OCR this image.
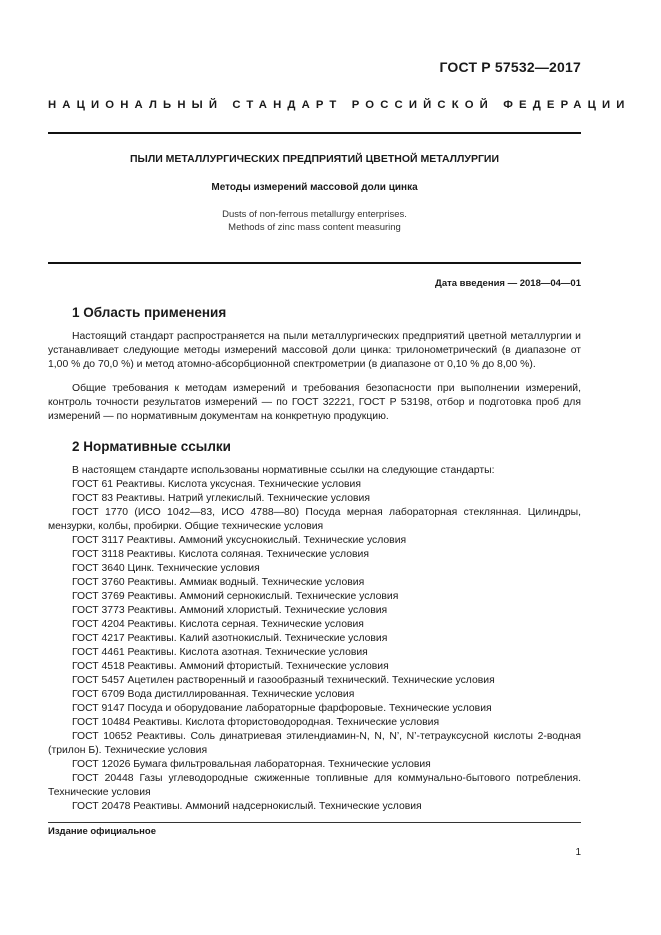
ГОСТ Р 57532—2017
НАЦИОНАЛЬНЫЙ СТАНДАРТ РОССИЙСКОЙ ФЕДЕРАЦИИ
ПЫЛИ МЕТАЛЛУРГИЧЕСКИХ ПРЕДПРИЯТИЙ ЦВЕТНОЙ МЕТАЛЛУРГИИ
Методы измерений массовой доли цинка
Dusts of non-ferrous metallurgy enterprises.
Methods of zinc mass content measuring
Дата введения — 2018—04—01
1 Область применения
Настоящий стандарт распространяется на пыли металлургических предприятий цветной металлургии и устанавливает следующие методы измерений массовой доли цинка: трилонометрический (в диапазоне от 1,00 % до 70,0 %) и метод атомно-абсорбционной спектрометрии (в диапазоне от 0,10 % до 8,00 %).
Общие требования к методам измерений и требования безопасности при выполнении измерений, контроль точности результатов измерений — по ГОСТ 32221, ГОСТ Р 53198, отбор и подготовка проб для измерений — по нормативным документам на конкретную продукцию.
2 Нормативные ссылки

В настоящем стандарте использованы нормативные ссылки на следующие стандарты:

ГОСТ 61 Реактивы. Кислота уксусная. Технические условия

ГОСТ 83 Реактивы. Натрий углекислый. Технические условия

ГОСТ 1770 (ИСО 1042—83, ИСО 4788—80) Посуда мерная лабораторная стеклянная. Цилиндры, мензурки, колбы, пробирки. Общие технические условия

ГОСТ 3117 Реактивы. Аммоний уксуснокислый. Технические условия

ГОСТ 3118 Реактивы. Кислота соляная. Технические условия

ГОСТ 3640 Цинк. Технические условия

ГОСТ 3760 Реактивы. Аммиак водный. Технические условия

ГОСТ 3769 Реактивы. Аммоний сернокислый. Технические условия

ГОСТ 3773 Реактивы. Аммоний хлористый. Технические условия

ГОСТ 4204 Реактивы. Кислота серная. Технические условия

ГОСТ 4217 Реактивы. Калий азотнокислый. Технические условия

ГОСТ 4461 Реактивы. Кислота азотная. Технические условия

ГОСТ 4518 Реактивы. Аммоний фтористый. Технические условия

ГОСТ 5457 Ацетилен растворенный и газообразный технический. Технические условия

ГОСТ 6709 Вода дистиллированная. Технические условия

ГОСТ 9147 Посуда и оборудование лабораторные фарфоровые. Технические условия

ГОСТ 10484 Реактивы. Кислота фтористоводородная. Технические условия

ГОСТ 10652 Реактивы. Соль динатриевая этилендиамин-N, N, N’, N’-тетрауксусной кислоты 2-водная (трилон Б). Технические условия

ГОСТ 12026 Бумага фильтровальная лабораторная. Технические условия

ГОСТ 20448 Газы углеводородные сжиженные топливные для коммунально-бытового потребления. Технические условия

ГОСТ 20478 Реактивы. Аммоний надсернокислый. Технические условия

Издание официальное
1
